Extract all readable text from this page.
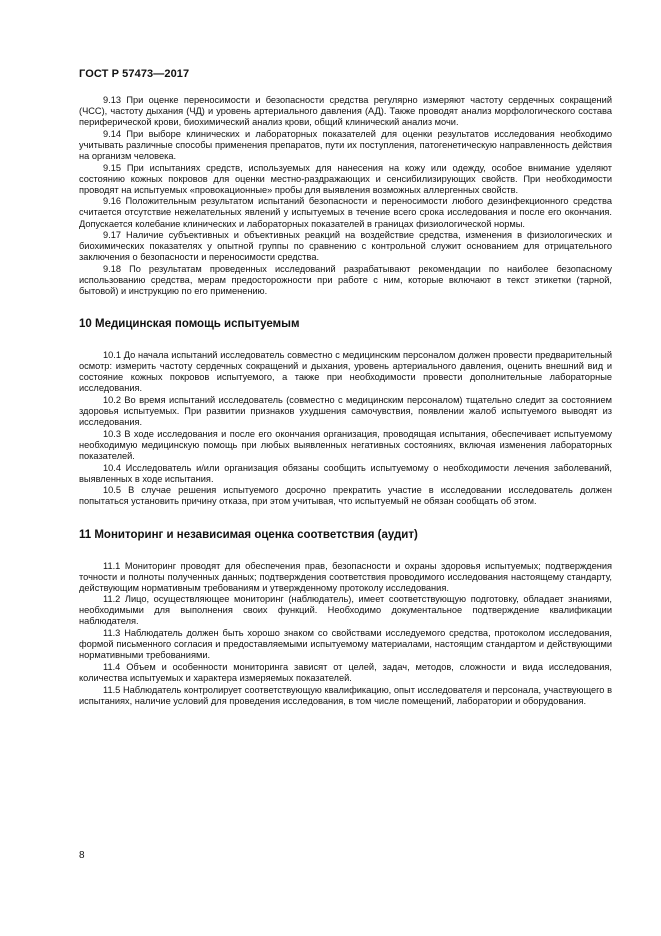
ГОСТ Р 57473—2017

9.13 При оценке переносимости и безопасности средства регулярно измеряют частоту сердечных сокращений (ЧСС), частоту дыхания (ЧД) и уровень артериального давления (АД). Также проводят анализ морфологического состава периферической крови, биохимический анализ крови, общий клинический анализ мочи.

9.14 При выборе клинических и лабораторных показателей для оценки результатов исследования необходимо учитывать различные способы применения препаратов, пути их поступления, патогенетическую направленность действия на организм человека.

9.15 При испытаниях средств, используемых для нанесения на кожу или одежду, особое внимание уделяют состоянию кожных покровов для оценки местно-раздражающих и сенсибилизирующих свойств. При необходимости проводят на испытуемых «провокационные» пробы для выявления возможных аллергенных свойств.

9.16 Положительным результатом испытаний безопасности и переносимости любого дезинфекционного средства считается отсутствие нежелательных явлений у испытуемых в течение всего срока исследования и после его окончания. Допускается колебание клинических и лабораторных показателей в границах физиологической нормы.

9.17 Наличие субъективных и объективных реакций на воздействие средства, изменения в физиологических и биохимических показателях у опытной группы по сравнению с контрольной служит основанием для отрицательного заключения о безопасности и переносимости средства.

9.18 По результатам проведенных исследований разрабатывают рекомендации по наиболее безопасному использованию средства, мерам предосторожности при работе с ним, которые включают в текст этикетки (тарной, бытовой) и инструкцию по его применению.

10 Медицинская помощь испытуемым

10.1 До начала испытаний исследователь совместно с медицинским персоналом должен провести предварительный осмотр: измерить частоту сердечных сокращений и дыхания, уровень артериального давления, оценить внешний вид и состояние кожных покровов испытуемого, а также при необходимости провести дополнительные лабораторные исследования.

10.2 Во время испытаний исследователь (совместно с медицинским персоналом) тщательно следит за состоянием здоровья испытуемых. При развитии признаков ухудшения самочувствия, появлении жалоб испытуемого выводят из исследования.

10.3 В ходе исследования и после его окончания организация, проводящая испытания, обеспечивает испытуемому необходимую медицинскую помощь при любых выявленных негативных состояниях, включая изменения лабораторных показателей.

10.4 Исследователь и/или организация обязаны сообщить испытуемому о необходимости лечения заболеваний, выявленных в ходе испытания.

10.5 В случае решения испытуемого досрочно прекратить участие в исследовании исследователь должен попытаться установить причину отказа, при этом учитывая, что испытуемый не обязан сообщать об этом.

11 Мониторинг и независимая оценка соответствия (аудит)

11.1 Мониторинг проводят для обеспечения прав, безопасности и охраны здоровья испытуемых; подтверждения точности и полноты полученных данных; подтверждения соответствия проводимого исследования настоящему стандарту, действующим нормативным требованиям и утвержденному протоколу исследования.

11.2 Лицо, осуществляющее мониторинг (наблюдатель), имеет соответствующую подготовку, обладает знаниями, необходимыми для выполнения своих функций. Необходимо документальное подтверждение квалификации наблюдателя.

11.3 Наблюдатель должен быть хорошо знаком со свойствами исследуемого средства, протоколом исследования, формой письменного согласия и предоставляемыми испытуемому материалами, настоящим стандартом и действующими нормативными требованиями.

11.4 Объем и особенности мониторинга зависят от целей, задач, методов, сложности и вида исследования, количества испытуемых и характера измеряемых показателей.

11.5 Наблюдатель контролирует соответствующую квалификацию, опыт исследователя и персонала, участвующего в испытаниях, наличие условий для проведения исследования, в том числе помещений, лаборатории и оборудования.

8
